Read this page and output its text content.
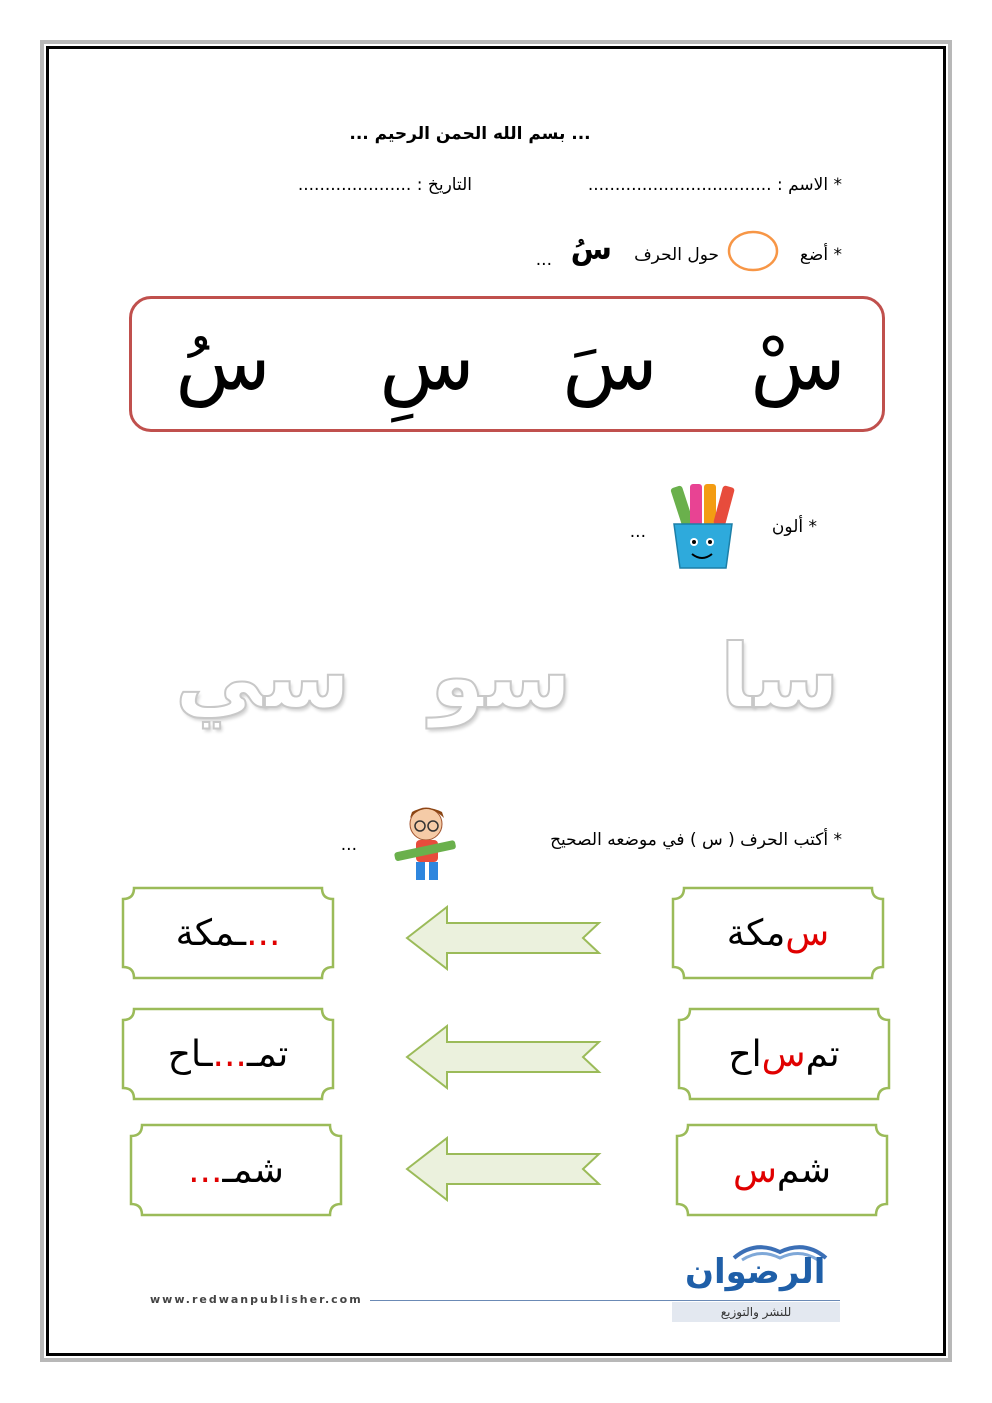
... بسم الله الحمن الرحيم ...
* الاسم : ..................................
التاريخ : .....................
* أضع
حول الحرف
سُ
...
سْ
سَ
سِ
سُ
* ألون
...
سا
سو
سي
* أكتب الحرف ( س ) في موضعه الصحيح
...
س
مكة
...
ـمكة
تم
س
اح
تمـ
...
ـاح
شم
س
شمـ
...
الرضوان
للنشر والتوزيع
www.redwanpublisher.com
